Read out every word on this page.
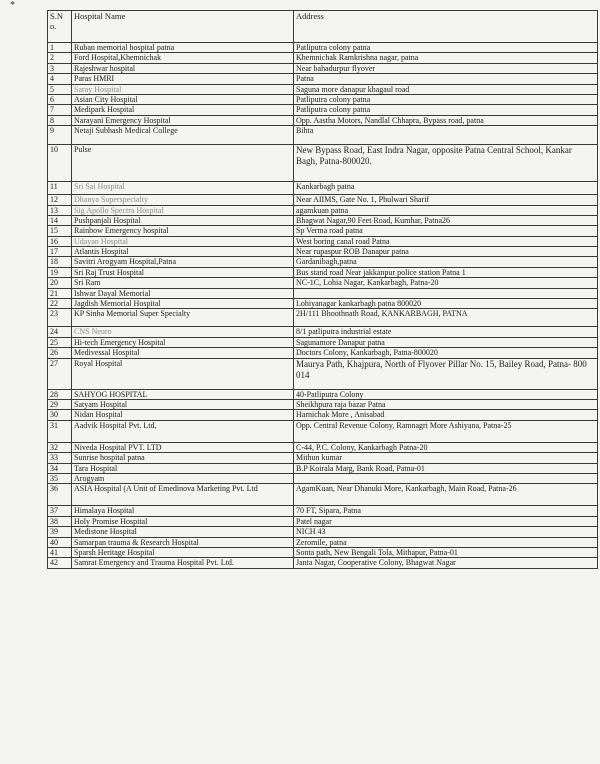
*
S.N o.	Hospital Name	Address
1	Ruban memorial hospital patna	Patliputra colony patna
2	Ford Hospital,Khemnichak	Khemnichak Ramkrishna nagar, patna
3	Rajeshwar hospital	Near bahadurpur flyover
4	Paras HMRI	Patna
5	Saray Hospital	Saguna more danapur khagaul road
6	Asian City Hospital	Patliputra colony patna
7	Medipark Hospital	Patliputra colony patna
8	Narayani Emergency Hospital	Opp. Aastha Motors, Nandlal Chhapra, Bypass road, patna
9	Netaji Subhash Medical College	Bihta
10	Pulse	New Bypass Road, East Indra Nagar, opposite Patna Central School, Kankar Bagh, Patna-800020.
11	Sri Sai Hospital	Kankarbagh patna
12	Dhanya Superspecialty	Near AIIMS, Gate No. 1, Phulwari Sharif
13	Sig Apollo Spectra Hospital	agamkuan patna
14	Pushpanjali Hospital	Bhagwat Nagar,90 Feet Road, Kumhar, Patna26
15	Rainbow Emergency hospital	Sp Verma road patna
16	Udayan Hospital	West boring canal road Patna
17	Atlantis Hospital	Near rupaspur ROB Danapur patna
18	Savitri Arogyam Hospital,Patna	Gardanibagh,patna
19	Sri Raj Trust Hospital	Bus stand road Near jakkanpur police station Patna 1
20	Sri Ram	NC-1C, Lohia Nagar, Kankarbagh, Patna-20
21	Ishwar Dayal Memorial	
22	Jagdish Memorial Hospital	Lohiyanagar kankarbagh patna 800020
23	KP Sinha Memorial Super Specialty	2H/111 Bhoothnath Road, KANKARBAGH, PATNA
24	CNS Neuro	8/1 patliputra industrial estate
25	Hi-tech Emergency Hospital	Sagunamore Danapur patna
26	Medivessal Hospital	Doctors Colony, Kankarbagh, Patna-800020
27	Royal Hospital	Maurya Path, Khajpura, North of Flyover Pillar No. 15, Bailey Road, Patna- 800 014
28	SAHYOG HOSPITAL	40-Patliputra Colony
29	Satyam Hospital	Sheikhpura raja bazar Patna
30	Nidan Hospital	Harnichak More , Anisabad
31	Aadvik Hospital Pvt. Ltd,	Opp. Central Revenue Colony, Ramnagri More Ashiyana, Patna-25
32	Niveda Hospital PVT. LTD	C-44, P.C. Colony, Kankarbagh Patna-20
33	Sunrise hospital patna	Mithun kumar
34	Tara Hospital	B.P Koirala Marg, Bank Road, Patna-01
35	Arogyam	
36	ASIA Hospital (A Unit of Emedinova Marketing Pvt. Ltd	AgamKuan, Near Dhanuki More, Kankarbagh, Main Road, Patna-26
37	Himalaya Hospital	70 FT, Sipara, Patna
38	Holy Promise Hospital	Patel nagar
39	Medistone Hospital	NICH 43
40	Samarpan trauma & Research Hospital	Zeromile, patna
41	Sparsh Heritage Hospital	Sonta path, New Bengali Tola, Mithapur, Patna-01
42	Samrat Emergency and Trauma Hospital Pvt. Ltd.	Janta Nagar, Cooperative Colony, Bhagwat Nagar
